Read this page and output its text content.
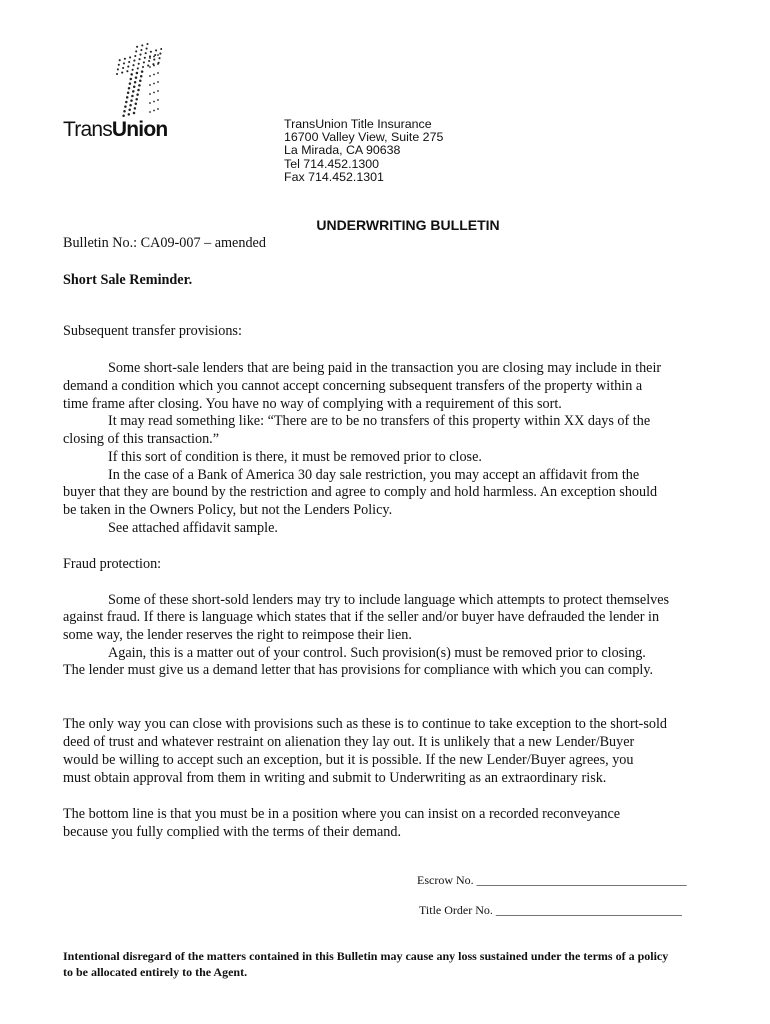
TransUnion	TransUnion Title Insurance
16700 Valley View, Suite 275
La Mirada, CA 90638
Tel 714.452.1300
Fax 714.452.1301
UNDERWRITING BULLETIN
Bulletin No.: CA09-007 – amended
Short Sale Reminder.
Subsequent transfer provisions:
Some short-sale lenders that are being paid in the transaction you are closing may include in their
demand a condition which you cannot accept concerning subsequent transfers of the property within a
time frame after closing. You have no way of complying with a requirement of this sort.
It may read something like: “There are to be no transfers of this property within XX days of the
closing of this transaction.”
If this sort of condition is there, it must be removed prior to close.
In the case of a Bank of America 30 day sale restriction, you may accept an affidavit from the
buyer that they are bound by the restriction and agree to comply and hold harmless. An exception should
be taken in the Owners Policy, but not the Lenders Policy.
See attached affidavit sample.
Fraud protection:
Some of these short-sold lenders may try to include language which attempts to protect themselves
against fraud. If there is language which states that if the seller and/or buyer have defrauded the lender in
some way, the lender reserves the right to reimpose their lien.
Again, this is a matter out of your control. Such provision(s) must be removed prior to closing.
The lender must give us a demand letter that has provisions for compliance with which you can comply.
The only way you can close with provisions such as these is to continue to take exception to the short-sold
deed of trust and whatever restraint on alienation they lay out. It is unlikely that a new Lender/Buyer
would be willing to accept such an exception, but it is possible. If the new Lender/Buyer agrees, you
must obtain approval from them in writing and submit to Underwriting as an extraordinary risk.
The bottom line is that you must be in a position where you can insist on a recorded reconveyance
because you fully complied with the terms of their demand.
Escrow No. ___________________________________
Title Order No. _______________________________
Intentional disregard of the matters contained in this Bulletin may cause any loss sustained under the terms of a policy
to be allocated entirely to the Agent.
